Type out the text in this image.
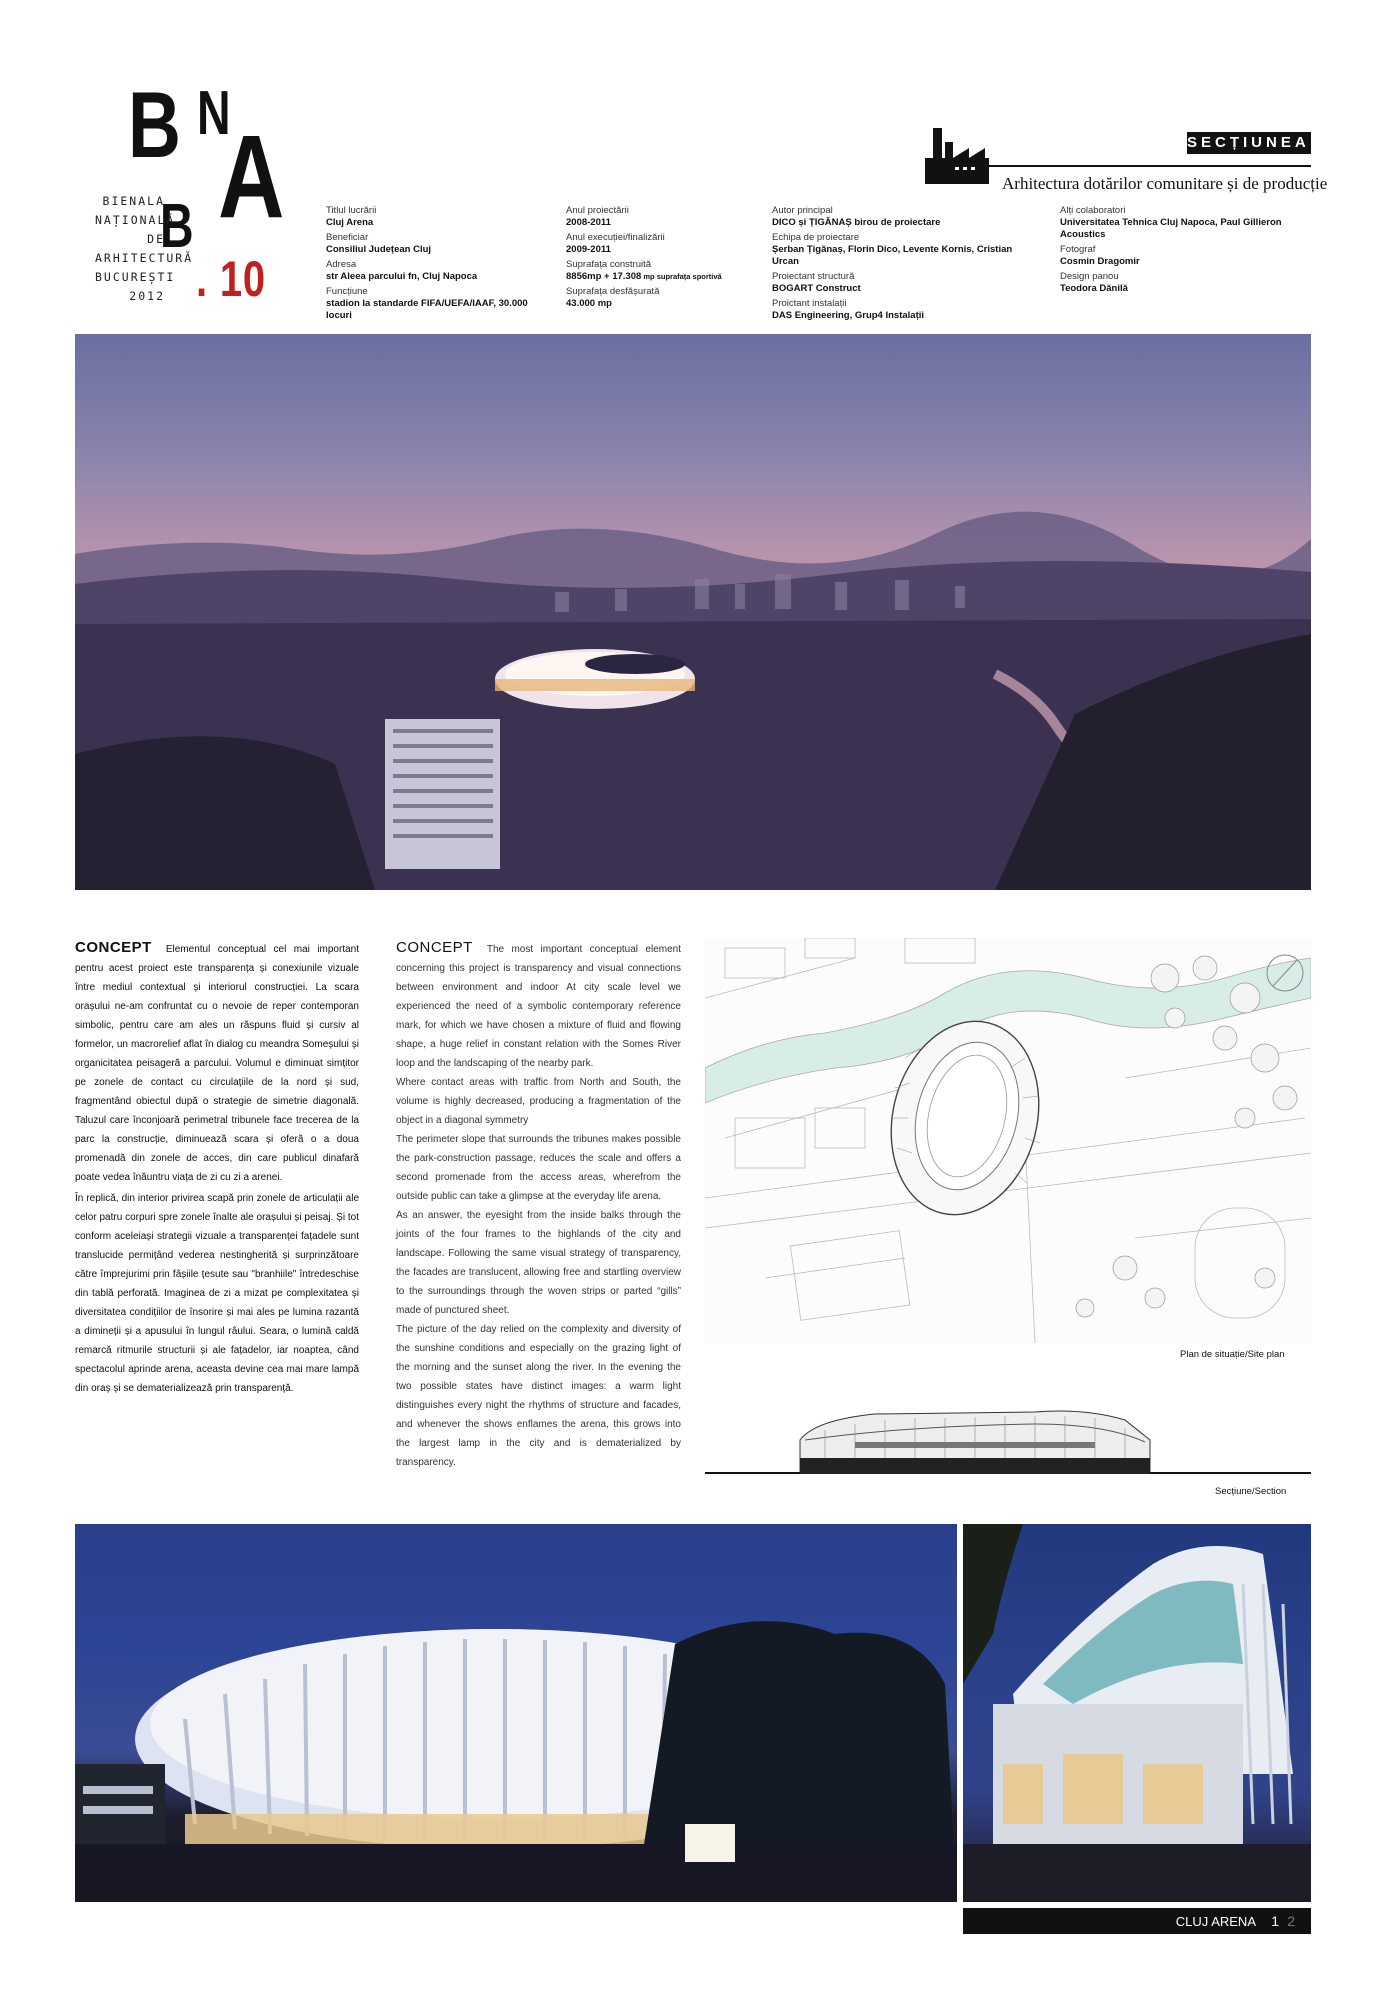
B N
A
B
. 10
BIENALA
NAȚIONALĂ
DE
ARHITECTURĂ
BUCUREȘTI
2012
SECȚIUNEA:
Arhitectura dotărilor comunitare și de producție
Titlul lucrării
Cluj Arena
Beneficiar
Consiliul Județean Cluj
Adresa
str Aleea parcului fn, Cluj Napoca
Funcțiune
stadion la standarde FIFA/UEFA/IAAF, 30.000 locuri
Anul proiectării
2008-2011
Anul execuției/finalizării
2009-2011
Suprafața construită
8856mp + 17.308 mp suprafața sportivă
Suprafața desfășurată
43.000 mp
Autor principal
DICO și ȚIGĂNAȘ birou de proiectare
Echipa de proiectare
Șerban Țigănaș, Florin Dico, Levente Kornis, Cristian Urcan
Proiectant structură
BOGART Construct
Proictant instalații
DAS Engineering, Grup4 Instalații
Alți colaboratori
Universitatea Tehnica Cluj Napoca, Paul Gillieron Acoustics
Fotograf
Cosmin Dragomir
Design panou
Teodora Dănilă

CONCEPT Elementul conceptual cel mai important pentru acest proiect este transparența și conexiunile vizuale între mediul contextual și interiorul construcției. La scara orașului ne-am confruntat cu o nevoie de reper contemporan simbolic, pentru care am ales un răspuns fluid și cursiv al formelor, un macrorelief aflat în dialog cu meandra Someșului și organicitatea peisageră a parcului. Volumul e diminuat simțitor pe zonele de contact cu circulațiile de la nord și sud, fragmentând obiectul după o strategie de simetrie diagonală. Taluzul care înconjoară perimetral tribunele face trecerea de la parc la construcție, diminuează scara și oferă o a doua promenadă din zonele de acces, din care publicul dinafară poate vedea înăuntru viața de zi cu zi a arenei.

În replică, din interior privirea scapă prin zonele de articulații ale celor patru corpuri spre zonele înalte ale orașului și peisaj. Și tot conform aceleiași strategii vizuale a transparenței fațadele sunt translucide permițând vederea nestingherită și surprinzătoare către împrejurimi prin fâșiile țesute sau "branhiile" întredeschise din tablă perforată. Imaginea de zi a mizat pe complexitatea și diversitatea condițiilor de însorire și mai ales pe lumina razantă a dimineții și a apusului în lungul râului. Seara, o lumină caldă remarcă ritmurile structurii și ale fațadelor, iar noaptea, când spectacolul aprinde arena, aceasta devine cea mai mare lampă din oraș și se dematerializează prin transparență.

CONCEPT The most important conceptual element concerning this project is transparency and visual connections between environment and indoor At city scale level we experienced the need of a symbolic contemporary reference mark, for which we have chosen a mixture of fluid and flowing shape, a huge relief in constant relation with the Somes River loop and the landscaping of the nearby park.

Where contact areas with traffic from North and South, the volume is highly decreased, producing a fragmentation of the object in a diagonal symmetry

The perimeter slope that surrounds the tribunes makes possible the park-construction passage, reduces the scale and offers a second promenade from the access areas, wherefrom the outside public can take a glimpse at the everyday life arena.

As an answer, the eyesight from the inside balks through the joints of the four frames to the highlands of the city and landscape. Following the same visual strategy of transparency, the facades are translucent, allowing free and startling overview to the surroundings through the woven strips or parted “gills” made of punctured sheet.

The picture of the day relied on the complexity and diversity of the sunshine conditions and especially on the grazing light of the morning and the sunset along the river. In the evening the two possible states have distinct images: a warm light distinguishes every night the rhythms of structure and facades, and whenever the shows enflames the arena, this grows into the largest lamp in the city and is dematerialized by transparency.

Plan de situație/Site plan
Secțiune/Section
CLUJ ARENA 1 2
